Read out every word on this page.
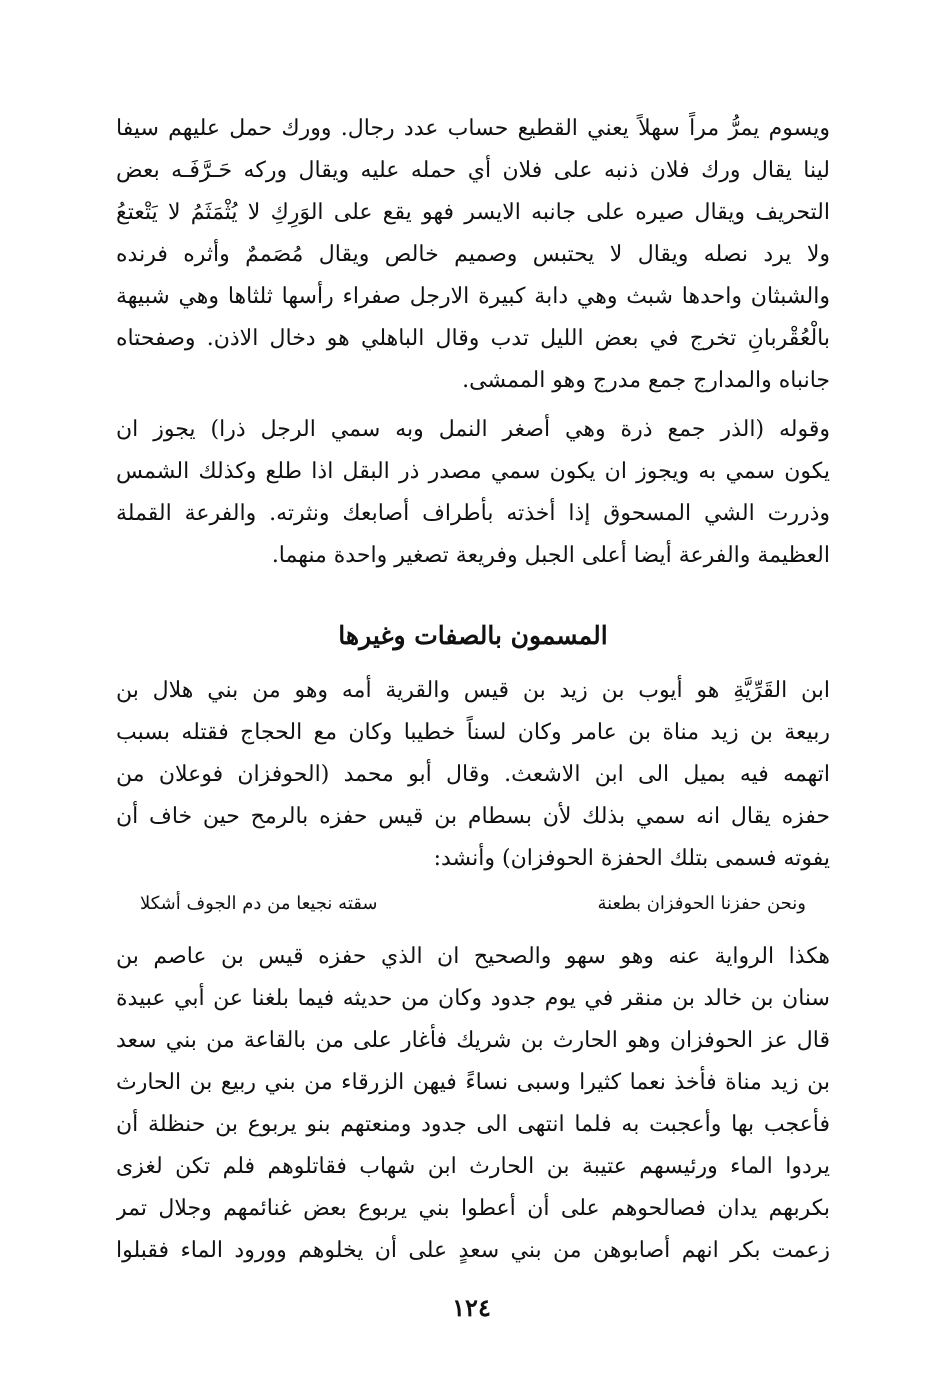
ويسوم يمرُّ مراً سهلاً يعني القطيع حساب عدد رجال. وورك حمل عليهم سيفا
لينا يقال ورك فلان ذنبه على فلان أي حمله عليه ويقال وركه حَـرَّفَـه بعض
التحريف ويقال صيره على جانبه الايسر فهو يقع على الوَرِكِ لا يُثْمَثَمُ لا يَتْعتعُ
ولا يرد نصله ويقال لا يحتبس وصميم خالص ويقال مُصَممٌ وأثره فرنده
والشبثان واحدها شبث وهي دابة كبيرة الارجل صفراء رأسها ثلثاها وهي شبيهة
بالْعُقْربانِ تخرج في بعض الليل تدب وقال الباهلي هو دخال الاذن. وصفحتاه
جانباه والمدارج جمع مدرج وهو الممشى.
وقوله (الذر جمع ذرة وهي أصغر النمل وبه سمي الرجل ذرا) يجوز ان
يكون سمي به ويجوز ان يكون سمي مصدر ذر البقل اذا طلع وكذلك الشمس
وذررت الشي المسحوق إذا أخذته بأطراف أصابعك ونثرته. والفرعة القملة
العظيمة والفرعة أيضا أعلى الجبل وفريعة تصغير واحدة منهما.
المسمون بالصفات وغيرها
ابن القَرِّيَّةِ هو أيوب بن زيد بن قيس والقرية أمه وهو من بني هلال بن
ربيعة بن زيد مناة بن عامر وكان لسناً خطيبا وكان مع الحجاج فقتله بسبب
اتهمه فيه بميل الى ابن الاشعث. وقال أبو محمد (الحوفزان فوعلان من
حفزه يقال انه سمي بذلك لأن بسطام بن قيس حفزه بالرمح حين خاف أن
يفوته فسمى بتلك الحفزة الحوفزان) وأنشد:
ونحن حفزنا الحوفزان بطعنة
سقته نجيعا من دم الجوف أشكلا
هكذا الرواية عنه وهو سهو والصحيح ان الذي حفزه قيس بن عاصم بن
سنان بن خالد بن منقر في يوم جدود وكان من حديثه فيما بلغنا عن أبي عبيدة
قال عز الحوفزان وهو الحارث بن شريك فأغار على من بالقاعة من بني سعد
بن زيد مناة فأخذ نعما كثيرا وسبى نساءً فيهن الزرقاء من بني ربيع بن الحارث
فأعجب بها وأعجبت به فلما انتهى الى جدود ومنعتهم بنو يربوع بن حنظلة أن
يردوا الماء ورئيسهم عتيبة بن الحارث ابن شهاب فقاتلوهم فلم تكن لغزى
بكربهم يدان فصالحوهم على أن أعطوا بني يربوع بعض غنائمهم وجلال تمر
زعمت بكر انهم أصابوهن من بني سعدٍ على أن يخلوهم وورود الماء فقبلوا
١٢٤
